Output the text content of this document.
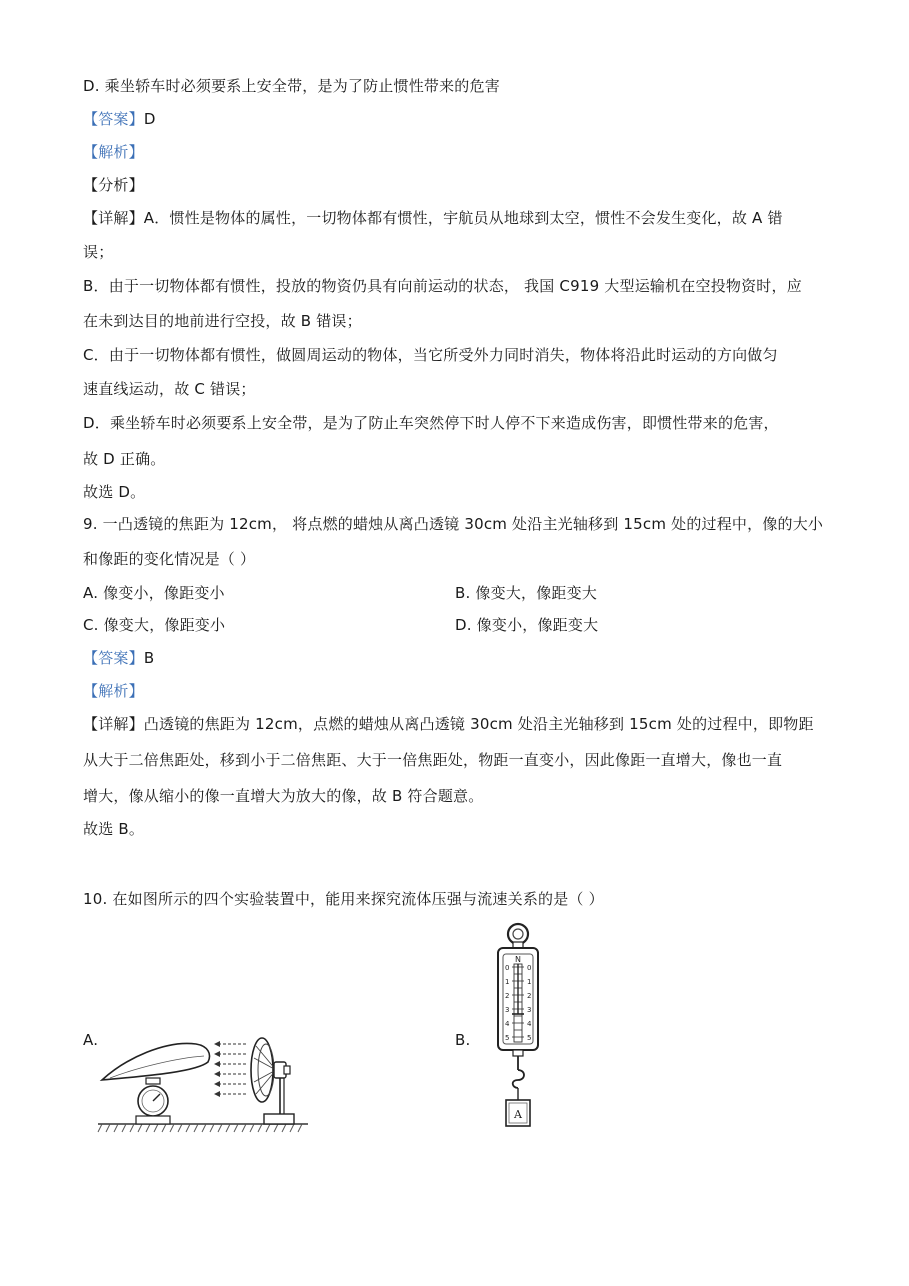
D. 乘坐轿车时必须要系上安全带，是为了防止惯性带来的危害
【答案】D
【解析】
【分析】
【详解】A．惯性是物体的属性，一切物体都有惯性，宇航员从地球到太空，惯性不会发生变化，故 A 错
误；
B．由于一切物体都有惯性，投放的物资仍具有向前运动的状态， 我国 C919 大型运输机在空投物资时，应
在未到达目的地前进行空投，故 B 错误；
C．由于一切物体都有惯性，做圆周运动的物体，当它所受外力同时消失，物体将沿此时运动的方向做匀
速直线运动，故 C 错误；
D．乘坐轿车时必须要系上安全带，是为了防止车突然停下时人停不下来造成伤害，即惯性带来的危害，
故 D 正确。
故选 D。
9. 一凸透镜的焦距为 12cm， 将点燃的蜡烛从离凸透镜 30cm 处沿主光轴移到 15cm 处的过程中，像的大小
和像距的变化情况是（ ）
A. 像变小，像距变小	B. 像变大，像距变大
C. 像变大，像距变小	D. 像变小，像距变大
【答案】B
【解析】
【详解】凸透镜的焦距为 12cm，点燃的蜡烛从离凸透镜 30cm 处沿主光轴移到 15cm 处的过程中，即物距
从大于二倍焦距处，移到小于二倍焦距、大于一倍焦距处，物距一直变小，因此像距一直增大，像也一直
增大，像从缩小的像一直增大为放大的像，故 B 符合题意。
故选 B。
10. 在如图所示的四个实验装置中，能用来探究流体压强与流速关系的是（ ）
A.	B.
N
0
1
2
3
4
5
0
1
2
3
4
5
A
